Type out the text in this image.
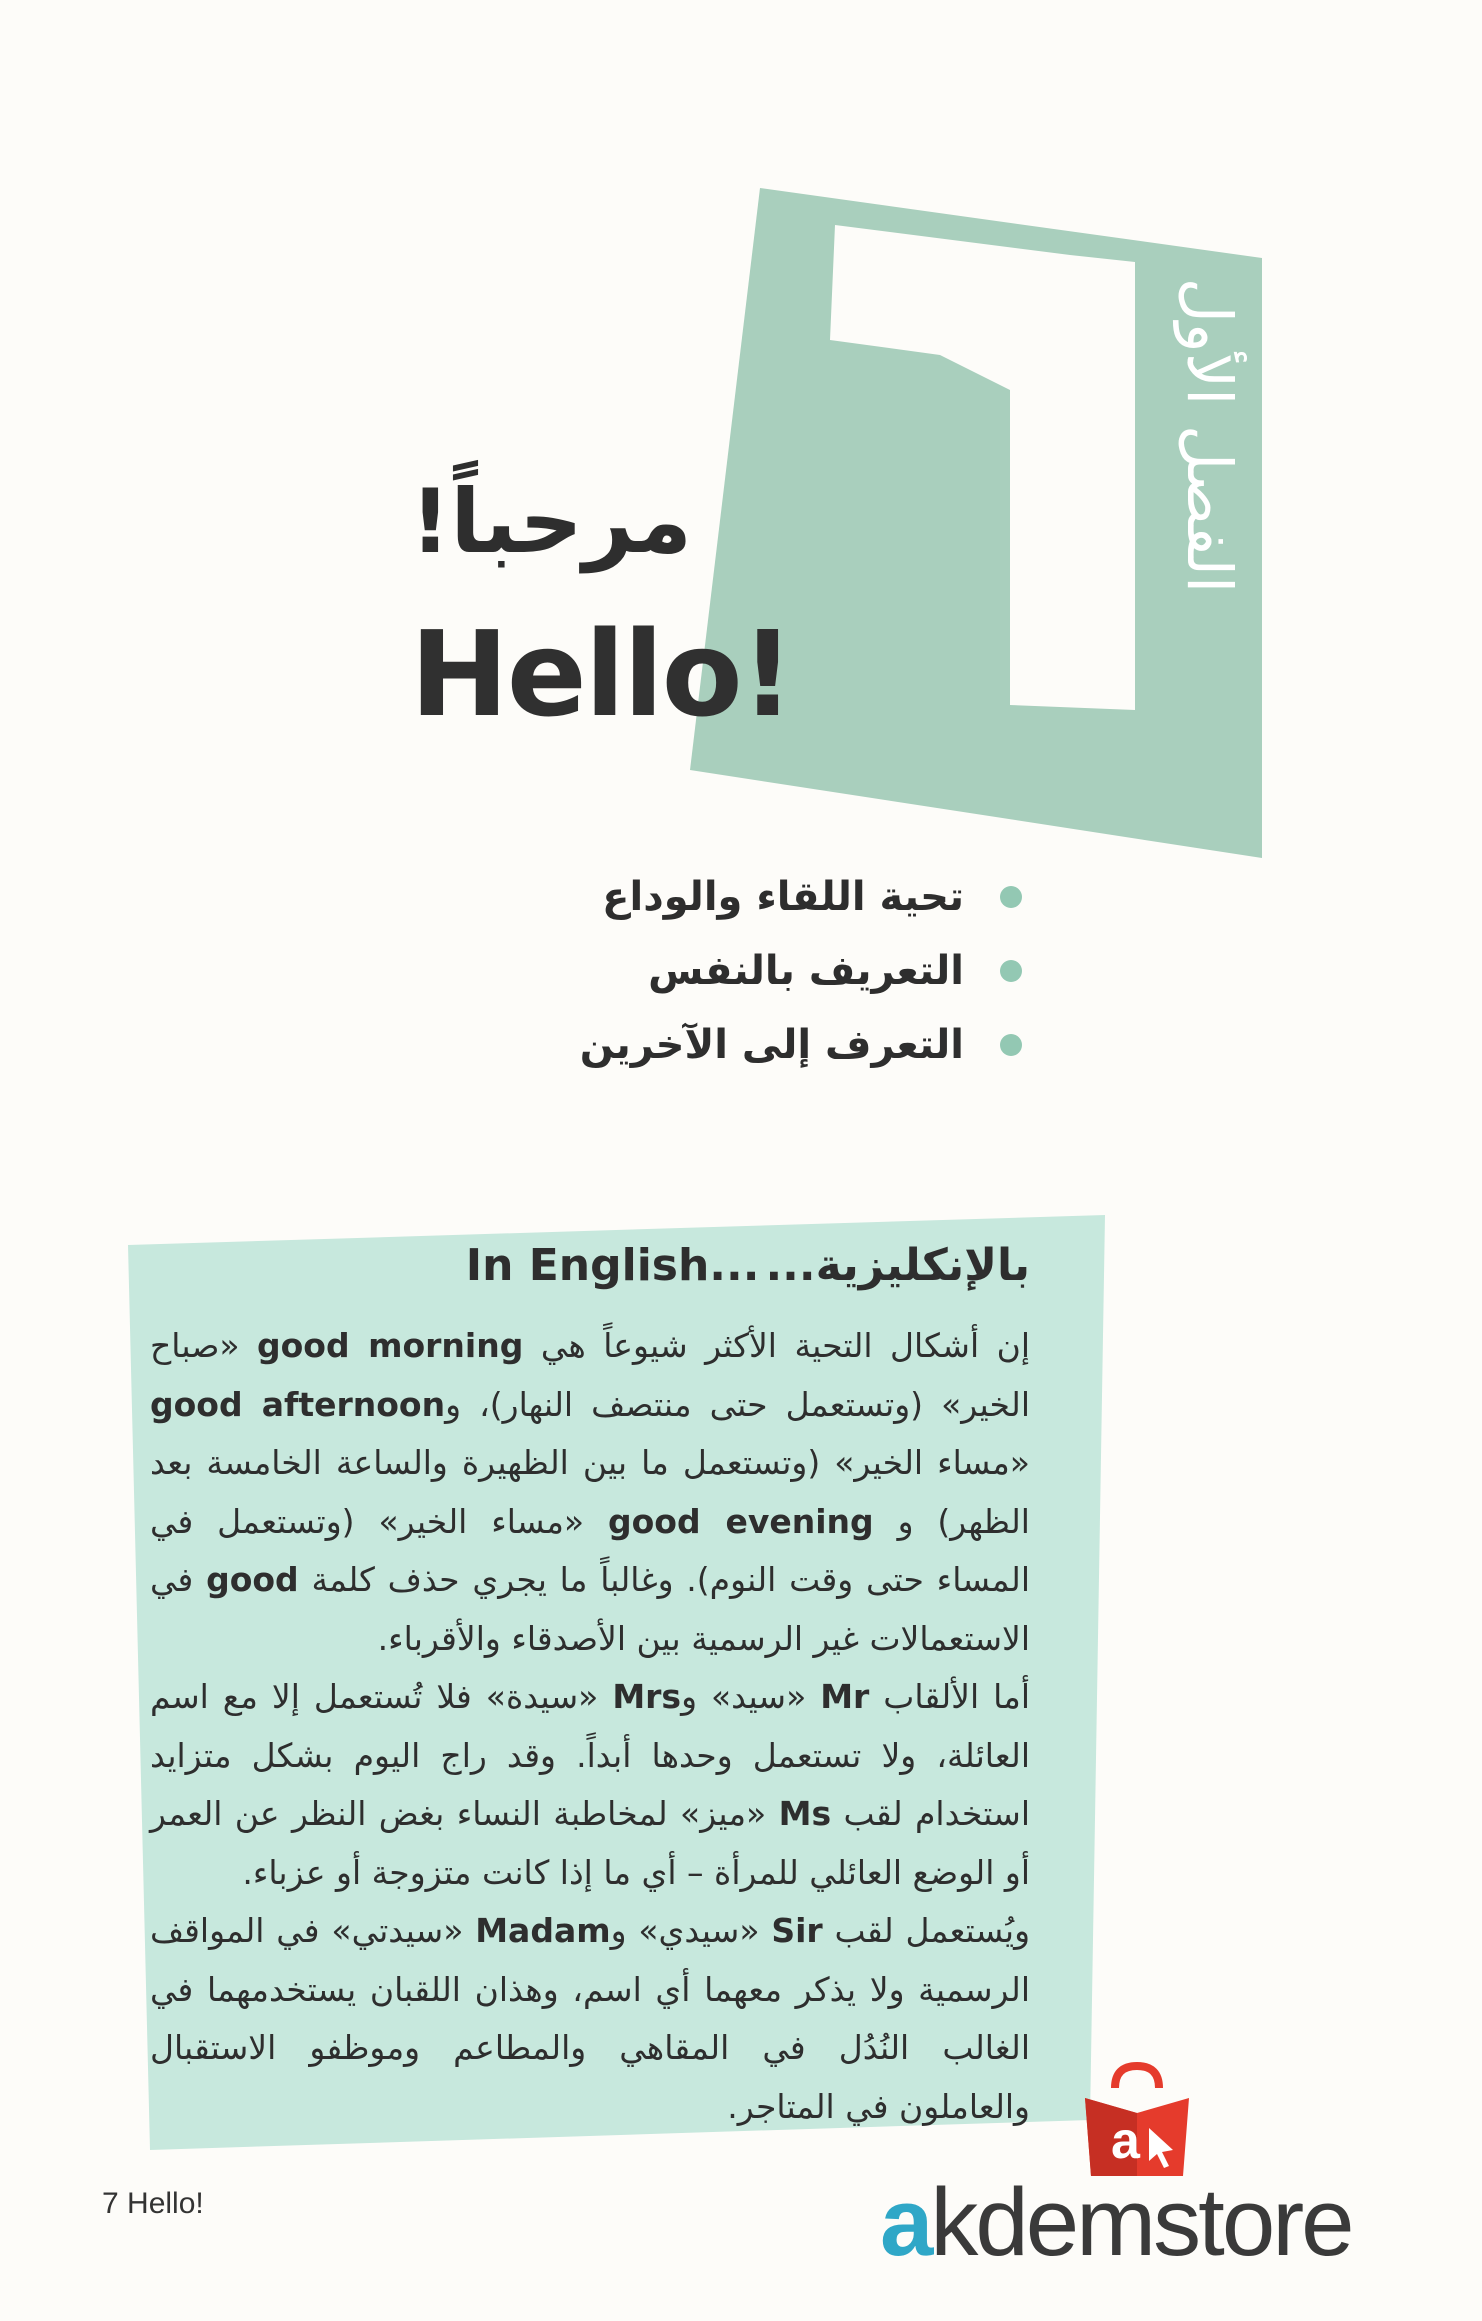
الفصل الأول
مرحباً!
Hello!
تحية اللقاء والوداع
التعريف بالنفس
التعرف إلى الآخرين
بالإنكليزية...
In English...

إن أشكال التحية الأكثر شيوعاً هي good morning «صباح الخير» (وتستعمل حتى منتصف النهار)، وgood afternoon «مساء الخير» (وتستعمل ما بين الظهيرة والساعة الخامسة بعد الظهر) و good evening «مساء الخير» (وتستعمل في المساء حتى وقت النوم). وغالباً ما يجري حذف كلمة good في الاستعمالات غير الرسمية بين الأصدقاء والأقرباء.

أما الألقاب Mr «سيد» وMrs «سيدة» فلا تُستعمل إلا مع اسم العائلة، ولا تستعمل وحدها أبداً. وقد راج اليوم بشكل متزايد استخدام لقب Ms «ميز» لمخاطبة النساء بغض النظر عن العمر أو الوضع العائلي للمرأة – أي ما إذا كانت متزوجة أو عزباء.

ويُستعمل لقب Sir «سيدي» وMadam «سيدتي» في المواقف الرسمية ولا يذكر معهما أي اسم، وهذان اللقبان يستخدمهما في الغالب النُدُل في المقاهي والمطاعم وموظفو الاستقبال والعاملون في المتاجر.

7 Hello!
a
akdemstore
